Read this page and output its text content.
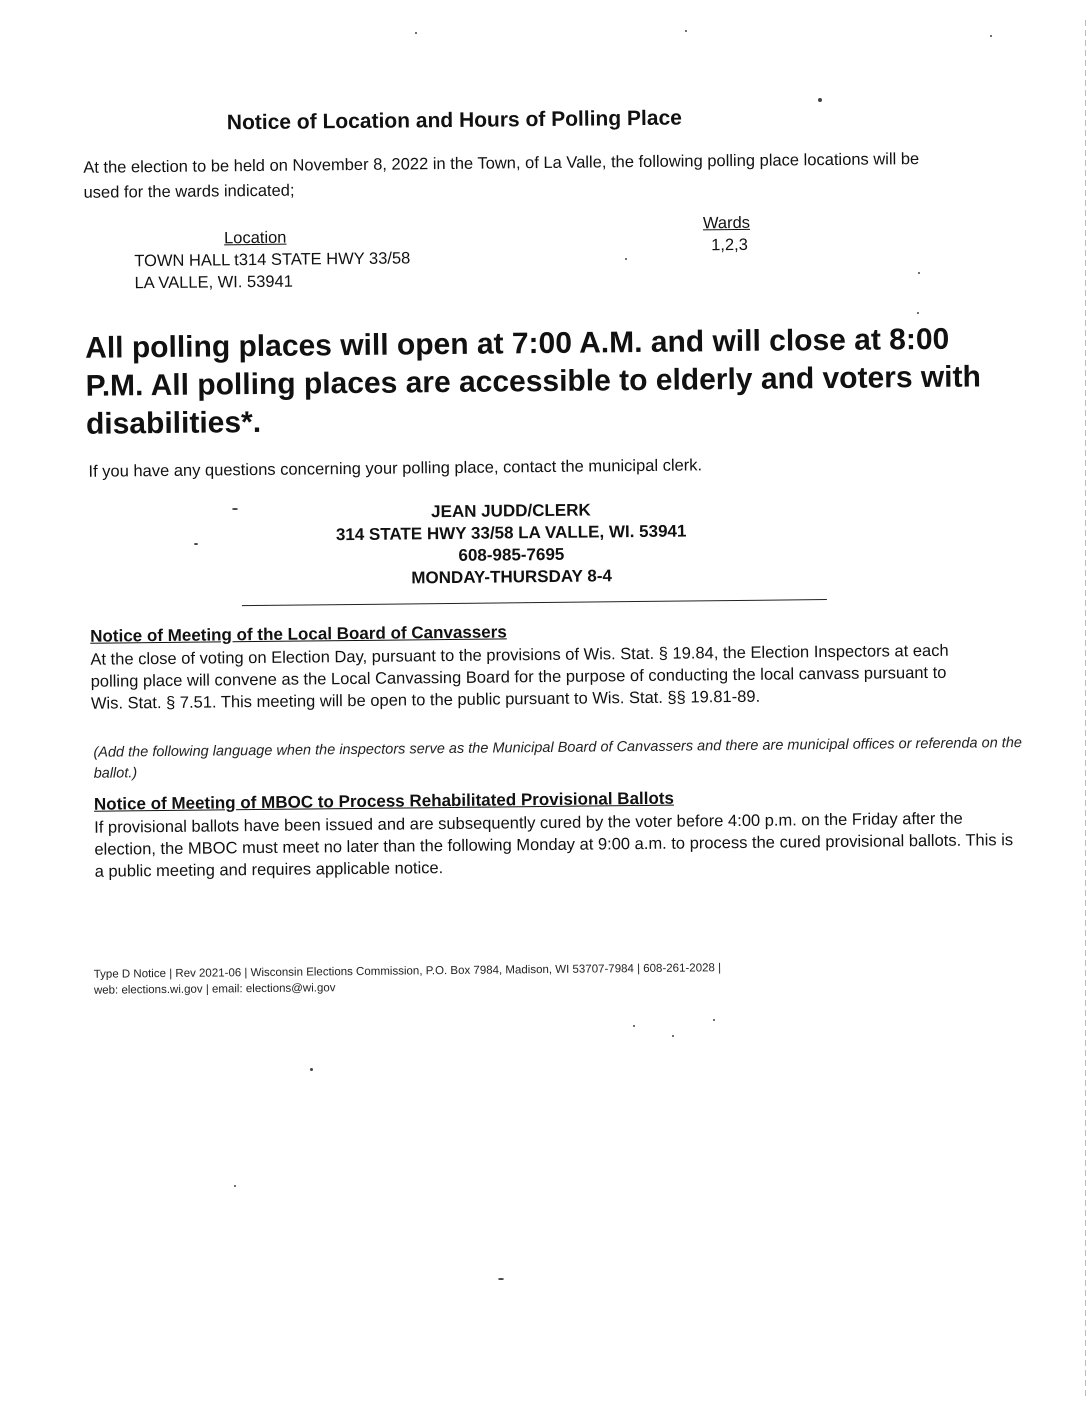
Notice of Location and Hours of Polling Place
At the election to be held on November 8, 2022 in the Town, of La Valle, the following polling place locations will be used for the wards indicated;
Location
Wards
TOWN HALL t314 STATE HWY 33/58
1,2,3
LA VALLE, WI. 53941
All polling places will open at 7:00 A.M. and will close at 8:00 P.M. All polling places are accessible to elderly and voters with disabilities*.
If you have any questions concerning your polling place, contact the municipal clerk.
JEAN JUDD/CLERK
314 STATE HWY 33/58 LA VALLE, WI. 53941
608-985-7695
MONDAY-THURSDAY 8-4
Notice of Meeting of the Local Board of Canvassers
At the close of voting on Election Day, pursuant to the provisions of Wis. Stat. § 19.84, the Election Inspectors at each polling place will convene as the Local Canvassing Board for the purpose of conducting the local canvass pursuant to Wis. Stat. § 7.51. This meeting will be open to the public pursuant to Wis. Stat. §§ 19.81-89.
(Add the following language when the inspectors serve as the Municipal Board of Canvassers and there are municipal offices or referenda on the ballot.)
Notice of Meeting of MBOC to Process Rehabilitated Provisional Ballots
If provisional ballots have been issued and are subsequently cured by the voter before 4:00 p.m. on the Friday after the election, the MBOC must meet no later than the following Monday at 9:00 a.m. to process the cured provisional ballots. This is a public meeting and requires applicable notice.
Type D Notice | Rev 2021-06 | Wisconsin Elections Commission, P.O. Box 7984, Madison, WI 53707-7984 | 608-261-2028 |
web: elections.wi.gov | email: elections@wi.gov
